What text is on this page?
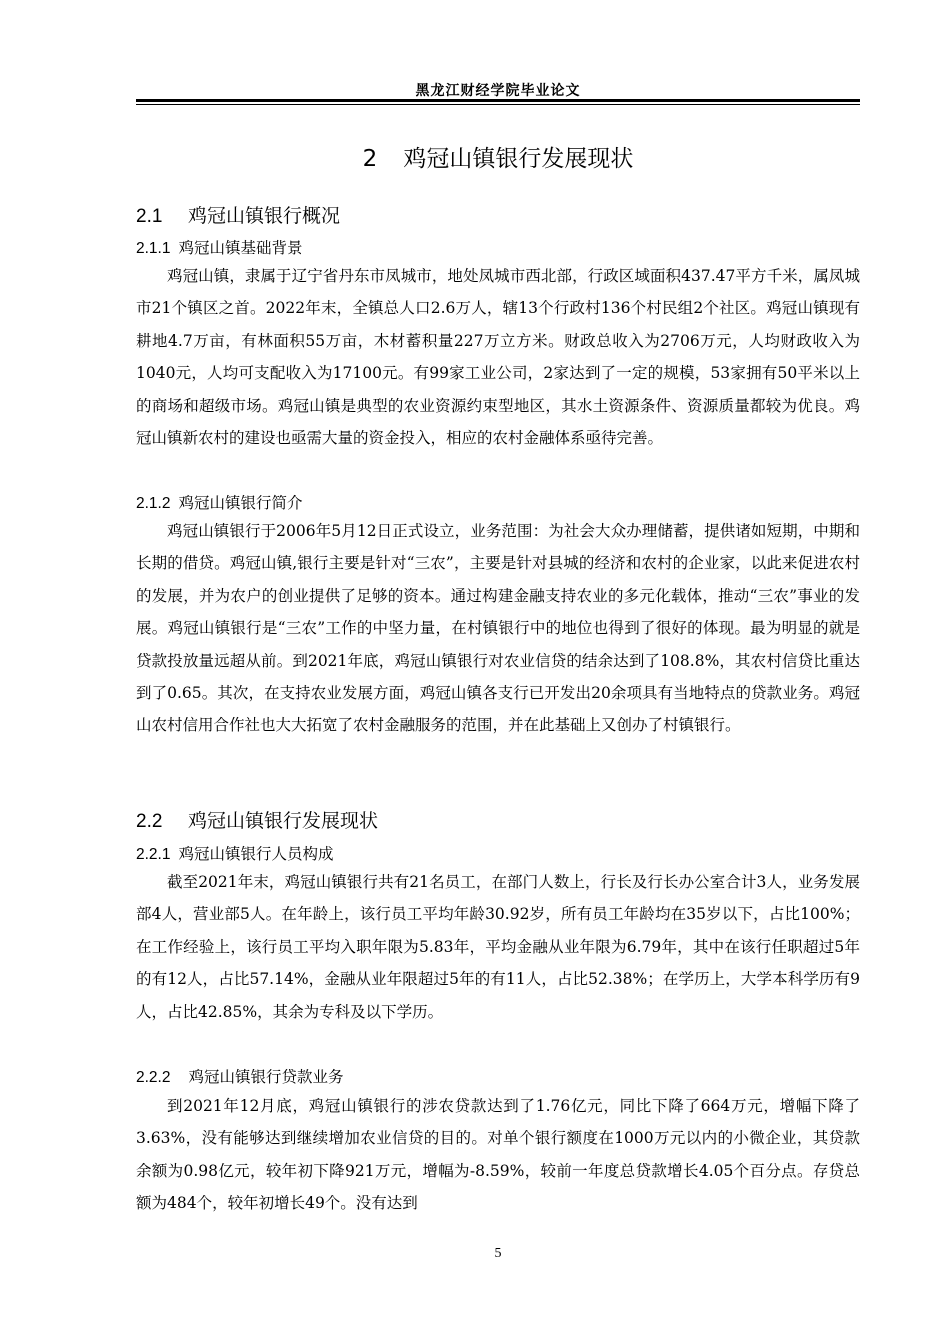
黑龙江财经学院毕业论文
2 鸡冠山镇银行发展现状
2.1 鸡冠山镇银行概况
2.1.1 鸡冠山镇基础背景

鸡冠山镇，隶属于辽宁省丹东市凤城市，地处凤城市西北部，行政区域面积437.47平方千米，属凤城市21个镇区之首。2022年末，全镇总人口2.6万人，辖13个行政村136个村民组2个社区。鸡冠山镇现有耕地4.7万亩，有林面积55万亩，木材蓄积量227万立方米。财政总收入为2706万元，人均财政收入为1040元，人均可支配收入为17100元。有99家工业公司，2家达到了一定的规模，53家拥有50平米以上的商场和超级市场。鸡冠山镇是典型的农业资源约束型地区，其水土资源条件、资源质量都较为优良。鸡冠山镇新农村的建设也亟需大量的资金投入，相应的农村金融体系亟待完善。

2.1.2 鸡冠山镇银行简介

鸡冠山镇银行于2006年5月12日正式设立，业务范围：为社会大众办理储蓄，提供诸如短期，中期和长期的借贷。鸡冠山镇,银行主要是针对“三农”，主要是针对县城的经济和农村的企业家，以此来促进农村的发展，并为农户的创业提供了足够的资本。通过构建金融支持农业的多元化载体，推动“三农”事业的发展。鸡冠山镇银行是“三农”工作的中坚力量，在村镇银行中的地位也得到了很好的体现。最为明显的就是贷款投放量远超从前。到2021年底，鸡冠山镇银行对农业信贷的结余达到了108.8%，其农村信贷比重达到了0.65。其次，在支持农业发展方面，鸡冠山镇各支行已开发出20余项具有当地特点的贷款业务。鸡冠山农村信用合作社也大大拓宽了农村金融服务的范围，并在此基础上又创办了村镇银行。

2.2 鸡冠山镇银行发展现状
2.2.1 鸡冠山镇银行人员构成

截至2021年末，鸡冠山镇银行共有21名员工，在部门人数上，行长及行长办公室合计3人，业务发展部4人，营业部5人。在年龄上，该行员工平均年龄30.92岁，所有员工年龄均在35岁以下，占比100%；在工作经验上，该行员工平均入职年限为5.83年，平均金融从业年限为6.79年，其中在该行任职超过5年的有12人，占比57.14%，金融从业年限超过5年的有11人，占比52.38%；在学历上，大学本科学历有9人，占比42.85%，其余为专科及以下学历。

2.2.2 鸡冠山镇银行贷款业务

到2021年12月底，鸡冠山镇银行的涉农贷款达到了1.76亿元，同比下降了664万元，增幅下降了3.63%，没有能够达到继续增加农业信贷的目的。对单个银行额度在1000万元以内的小微企业，其贷款余额为0.98亿元，较年初下降921万元，增幅为-8.59%，较前一年度总贷款增长4.05个百分点。存贷总额为484个，较年初增长49个。没有达到

5
